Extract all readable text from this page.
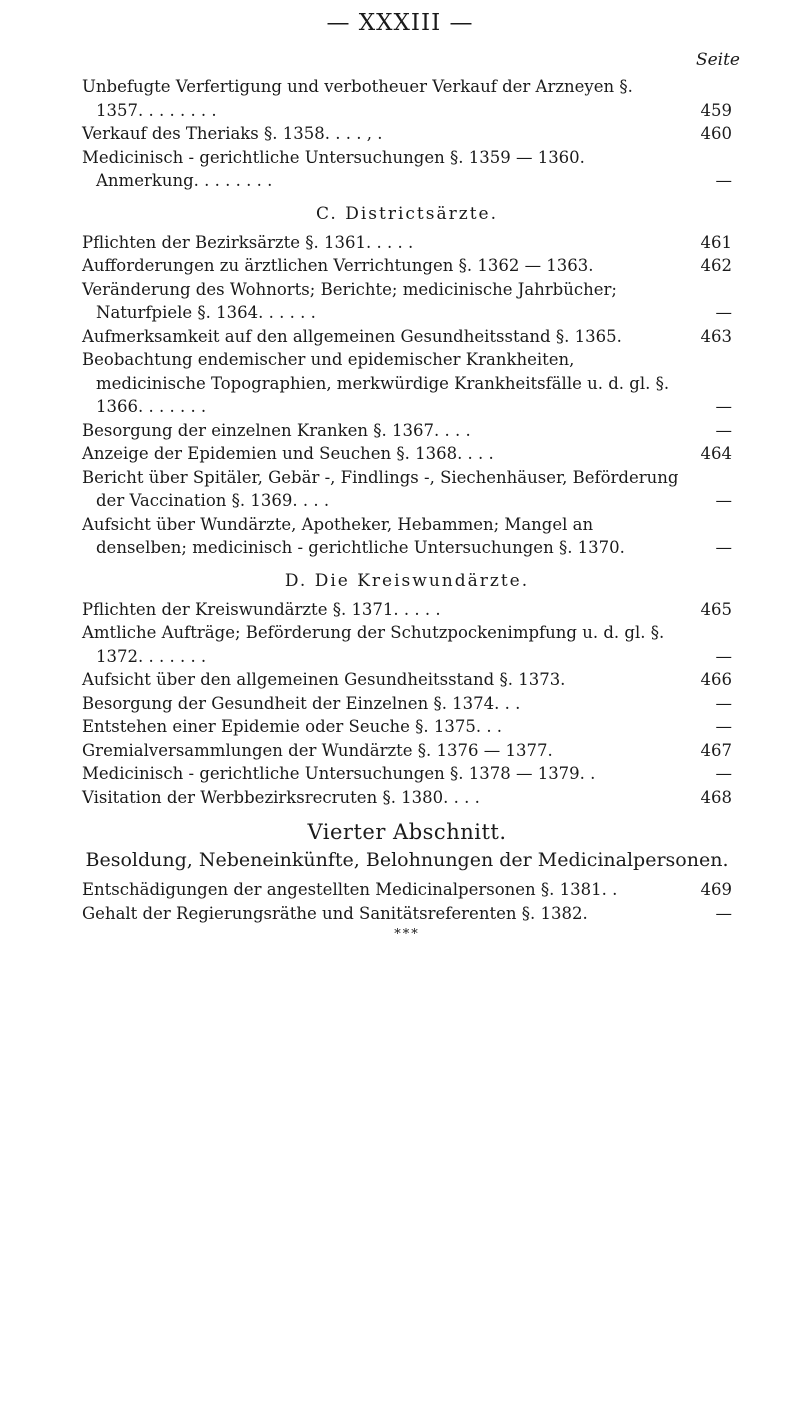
— XXXIII —
Seite
Unbefugte Verfertigung und verbotheuer Verkauf der Arzneyen §. 1357. . . . . . . .	459
Verkauf des Theriaks §. 1358. . . . , .	460
Medicinisch - gerichtliche Untersuchungen §. 1359 — 1360. Anmerkung. . . . . . . .	—
C. Districtsärzte.
Pflichten der Bezirksärzte §. 1361. . . . .	461
Aufforderungen zu ärztlichen Verrichtungen §. 1362 — 1363.	462
Veränderung des Wohnorts; Berichte; medicinische Jahrbücher; Naturfpiele §. 1364. . . . . .	—
Aufmerksamkeit auf den allgemeinen Gesundheitsstand §. 1365.	463
Beobachtung endemischer und epidemischer Krankheiten, medicinische Topographien, merkwürdige Krankheitsfälle u. d. gl. §. 1366. . . . . . .	—
Besorgung der einzelnen Kranken §. 1367. . . .	—
Anzeige der Epidemien und Seuchen §. 1368. . . .	464
Bericht über Spitäler, Gebär -, Findlings -, Siechenhäuser, Beförderung der Vaccination §. 1369. . . .	—
Aufsicht über Wundärzte, Apotheker, Hebammen; Mangel an denselben; medicinisch - gerichtliche Untersuchungen §. 1370.	—
D. Die Kreiswundärzte.
Pflichten der Kreiswundärzte §. 1371. . . . .	465
Amtliche Aufträge; Beförderung der Schutzpockenimpfung u. d. gl. §. 1372. . . . . . .	—
Aufsicht über den allgemeinen Gesundheitsstand §. 1373.	466
Besorgung der Gesundheit der Einzelnen §. 1374. . .	—
Entstehen einer Epidemie oder Seuche §. 1375. . .	—
Gremialversammlungen der Wundärzte §. 1376 — 1377.	467
Medicinisch - gerichtliche Untersuchungen §. 1378 — 1379. .	—
Visitation der Werbbezirksrecruten §. 1380. . . .	468
Vierter Abschnitt.
Besoldung, Nebeneinkünfte, Belohnungen der Medicinalpersonen.
Entschädigungen der angestellten Medicinalpersonen §. 1381. .	469
Gehalt der Regierungsräthe und Sanitätsreferenten §. 1382.	—
***
